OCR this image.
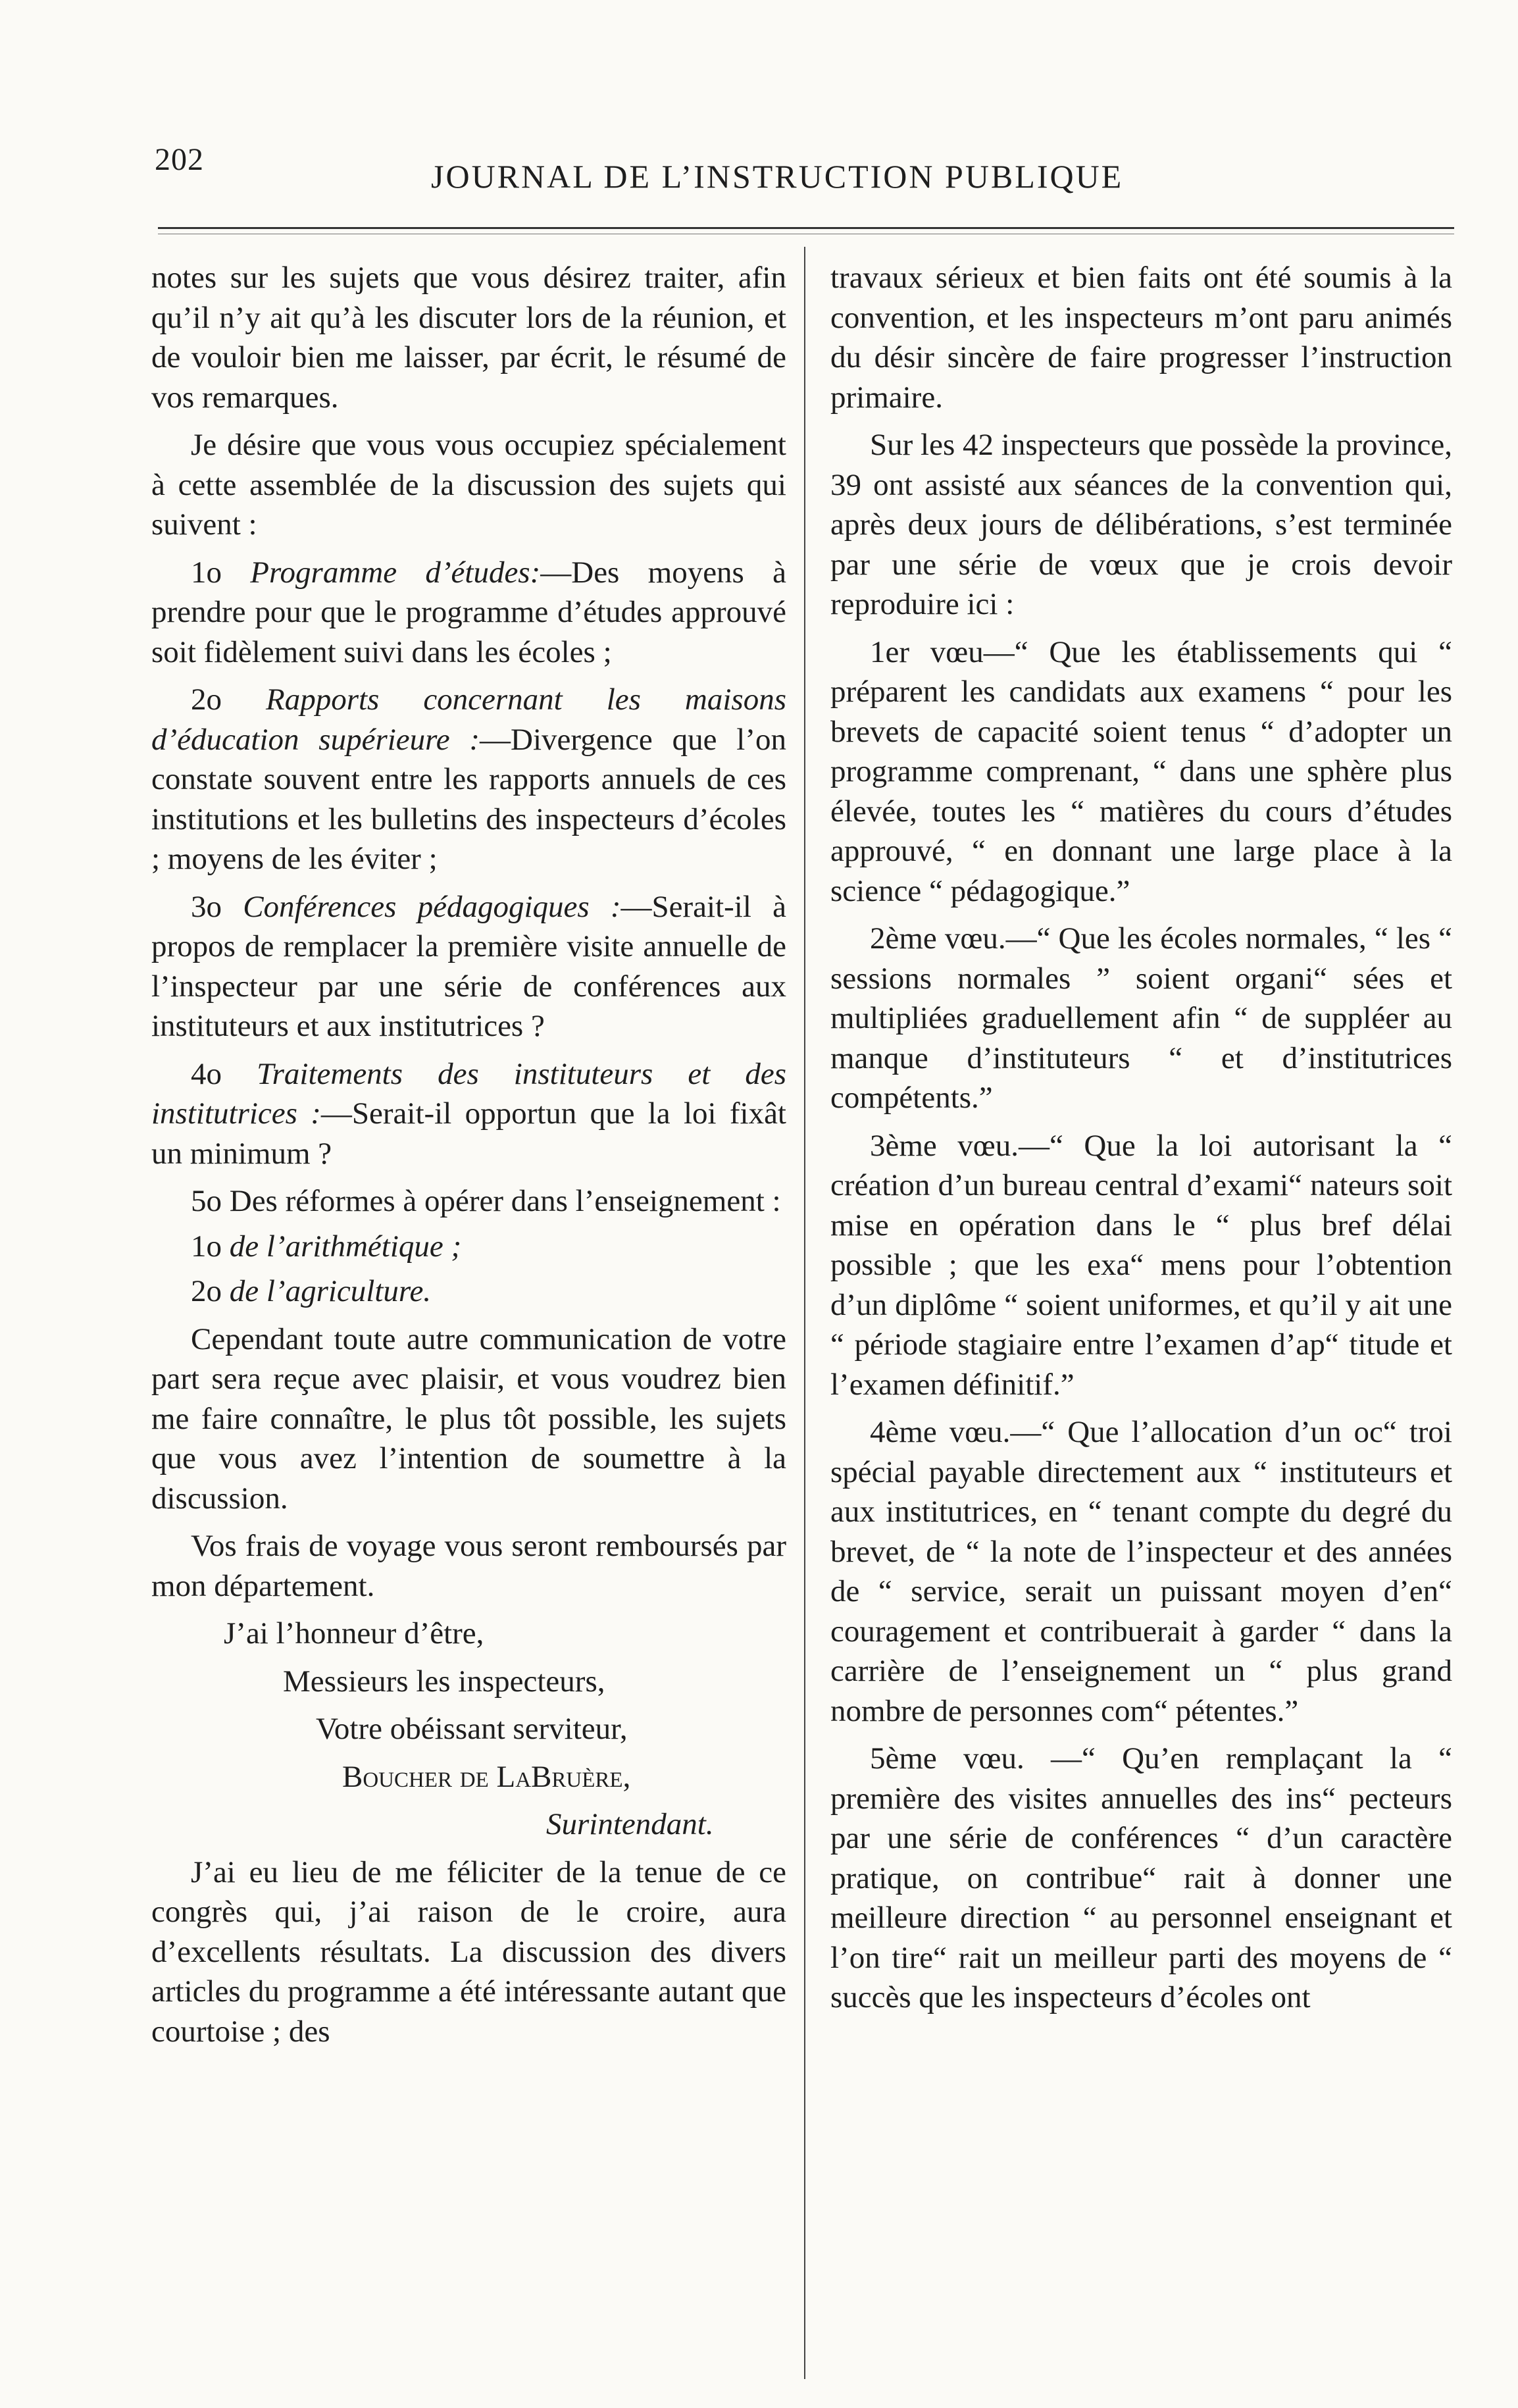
202	JOURNAL DE L’INSTRUCTION PUBLIQUE

notes sur les sujets que vous désirez traiter, afin qu’il n’y ait qu’à les discuter lors de la réunion, et de vouloir bien me laisser, par écrit, le résumé de vos remarques.

Je désire que vous vous occupiez spécialement à cette assemblée de la discussion des sujets qui suivent :

1o Programme d’études:—Des moyens à prendre pour que le programme d’études approuvé soit fidèlement suivi dans les écoles ;

2o Rapports concernant les maisons d’éducation supérieure :—Divergence que l’on constate souvent entre les rapports annuels de ces institutions et les bulletins des inspecteurs d’écoles ; moyens de les éviter ;

3o Conférences pédagogiques :—Serait-il à propos de remplacer la première visite annuelle de l’inspecteur par une série de conférences aux instituteurs et aux institutrices ?

4o Traitements des instituteurs et des institutrices :—Serait-il opportun que la loi fixât un minimum ?

5o Des réformes à opérer dans l’enseignement :

1o de l’arithmétique ;

2o de l’agriculture.

Cependant toute autre communication de votre part sera reçue avec plaisir, et vous voudrez bien me faire connaître, le plus tôt possible, les sujets que vous avez l’intention de soumettre à la discussion.

Vos frais de voyage vous seront remboursés par mon département.

J’ai l’honneur d’être,

Messieurs les inspecteurs,

Votre obéissant serviteur,

Boucher de LaBruère,

Surintendant.

J’ai eu lieu de me féliciter de la tenue de ce congrès qui, j’ai raison de le croire, aura d’excellents résultats. La discussion des divers articles du programme a été intéressante autant que courtoise ; des

travaux sérieux et bien faits ont été soumis à la convention, et les inspecteurs m’ont paru animés du désir sincère de faire progresser l’instruction primaire.

Sur les 42 inspecteurs que possède la province, 39 ont assisté aux séances de la convention qui, après deux jours de délibérations, s’est terminée par une série de vœux que je crois devoir reproduire ici :

1er vœu—“ Que les établissements qui “ préparent les candidats aux examens “ pour les brevets de capacité soient tenus “ d’adopter un programme comprenant, “ dans une sphère plus élevée, toutes les “ matières du cours d’études approuvé, “ en donnant une large place à la science “ pédagogique.”

2ème vœu.—“ Que les écoles normales, “ les “ sessions normales ” soient organi“ sées et multipliées graduellement afin “ de suppléer au manque d’instituteurs “ et d’institutrices compétents.”

3ème vœu.—“ Que la loi autorisant la “ création d’un bureau central d’exami“ nateurs soit mise en opération dans le “ plus bref délai possible ; que les exa“ mens pour l’obtention d’un diplôme “ soient uniformes, et qu’il y ait une “ période stagiaire entre l’examen d’ap“ titude et l’examen définitif.”

4ème vœu.—“ Que l’allocation d’un oc“ troi spécial payable directement aux “ instituteurs et aux institutrices, en “ tenant compte du degré du brevet, de “ la note de l’inspecteur et des années de “ service, serait un puissant moyen d’en“ couragement et contribuerait à garder “ dans la carrière de l’enseignement un “ plus grand nombre de personnes com“ pétentes.”

5ème vœu. —“ Qu’en remplaçant la “ première des visites annuelles des ins“ pecteurs par une série de conférences “ d’un caractère pratique, on contribue“ rait à donner une meilleure direction “ au personnel enseignant et l’on tire“ rait un meilleur parti des moyens de “ succès que les inspecteurs d’écoles ont
